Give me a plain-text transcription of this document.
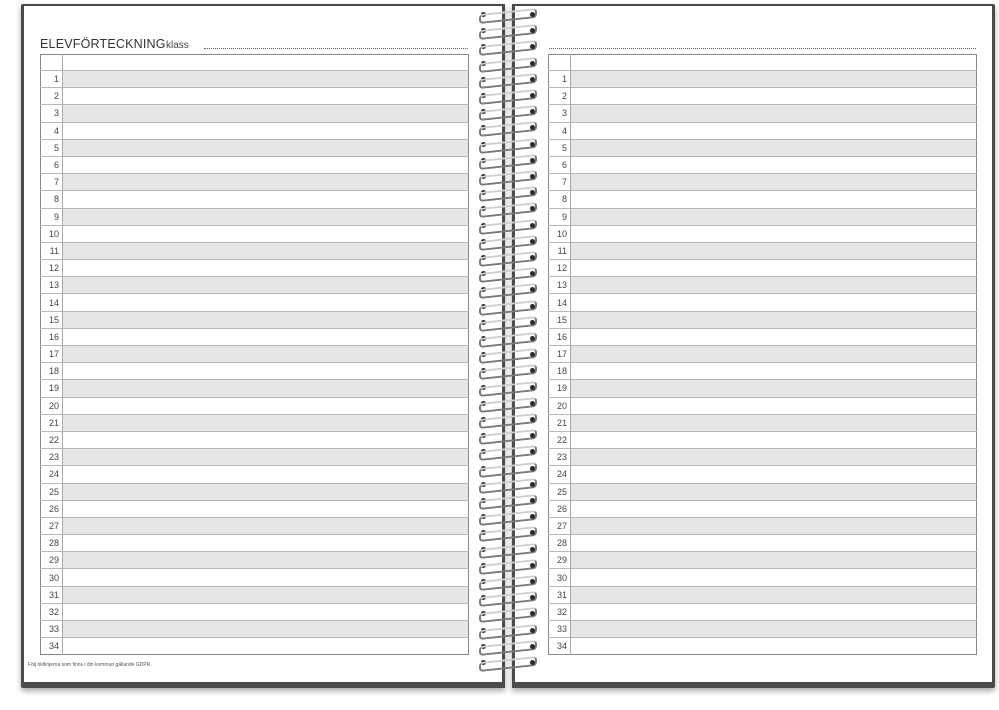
ELEVFÖRTECKNING klass

1	
2	
3	
4	
5	
6	
7	
8	
9	
10	
11	
12	
13	
14	
15	
16	
17	
18	
19	
20	
21	
22	
23	
24	
25	
26	
27	
28	
29	
30	
31	
32	
33	
34	
Följ riktlinjerna som finns i din kommun gällande GDPR.

1	
2	
3	
4	
5	
6	
7	
8	
9	
10	
11	
12	
13	
14	
15	
16	
17	
18	
19	
20	
21	
22	
23	
24	
25	
26	
27	
28	
29	
30	
31	
32	
33	
34	
